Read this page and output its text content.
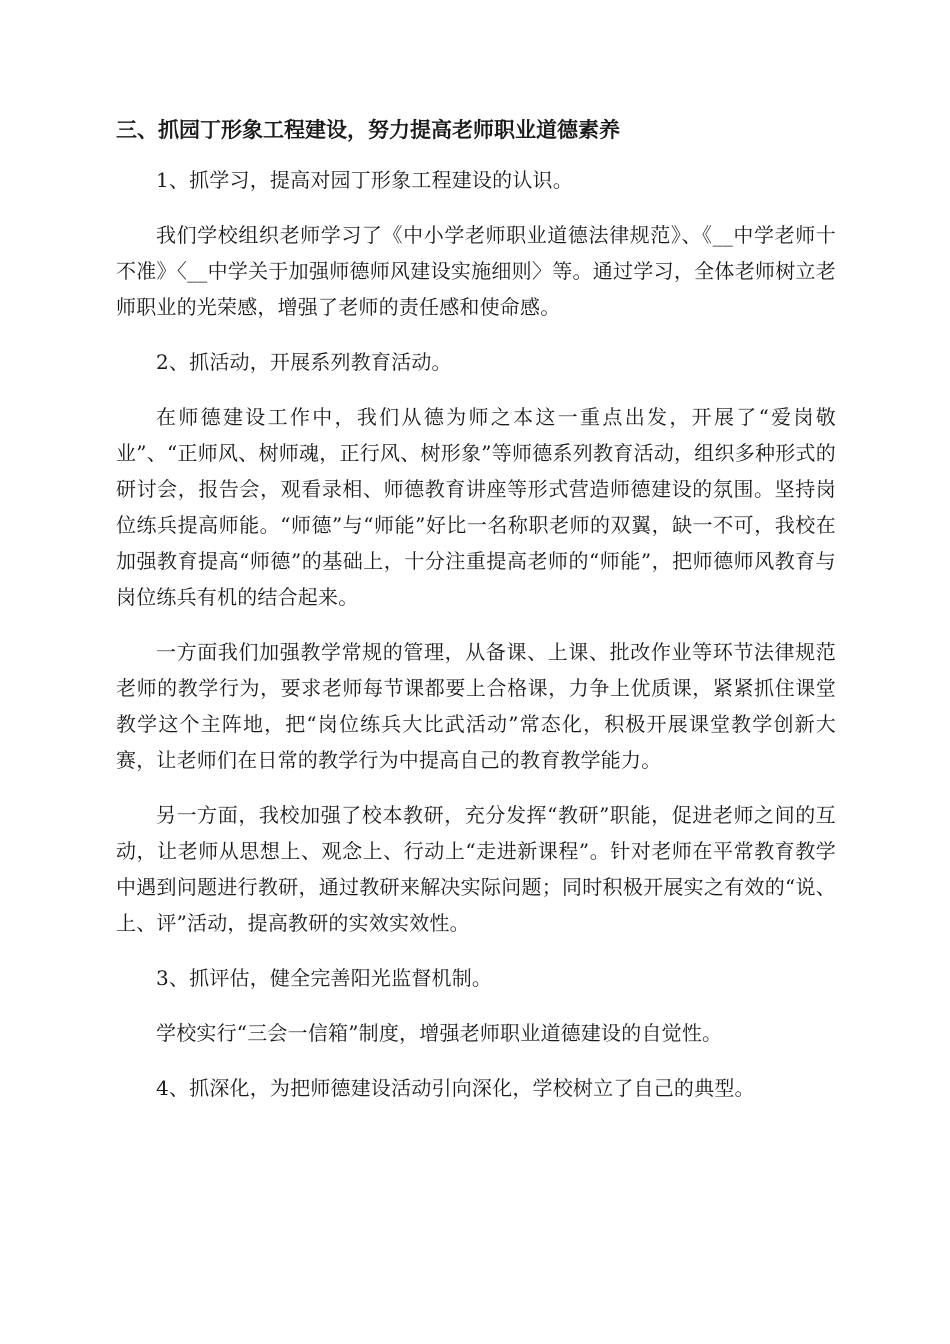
三、抓园丁形象工程建设，努力提高老师职业道德素养

1、抓学习，提高对园丁形象工程建设的认识。

我们学校组织老师学习了《中小学老师职业道德法律规范》、《__中学老师十不准》〈__中学关于加强师德师风建设实施细则〉等。通过学习，全体老师树立老师职业的光荣感，增强了老师的责任感和使命感。

2、抓活动，开展系列教育活动。

在师德建设工作中，我们从德为师之本这一重点出发，开展了“爱岗敬业”、“正师风、树师魂，正行风、树形象”等师德系列教育活动，组织多种形式的研讨会，报告会，观看录相、师德教育讲座等形式营造师德建设的氛围。坚持岗位练兵提高师能。“师德”与“师能”好比一名称职老师的双翼，缺一不可，我校在加强教育提高“师德”的基础上，十分注重提高老师的“师能”，把师德师风教育与岗位练兵有机的结合起来。

一方面我们加强教学常规的管理，从备课、上课、批改作业等环节法律规范老师的教学行为，要求老师每节课都要上合格课，力争上优质课，紧紧抓住课堂教学这个主阵地，把“岗位练兵大比武活动”常态化，积极开展课堂教学创新大赛，让老师们在日常的教学行为中提高自己的教育教学能力。

另一方面，我校加强了校本教研，充分发挥“教研”职能，促进老师之间的互动，让老师从思想上、观念上、行动上“走进新课程”。针对老师在平常教育教学中遇到问题进行教研，通过教研来解决实际问题；同时积极开展实之有效的“说、上、评”活动，提高教研的实效实效性。

3、抓评估，健全完善阳光监督机制。

学校实行“三会一信箱”制度，增强老师职业道德建设的自觉性。

4、抓深化，为把师德建设活动引向深化，学校树立了自己的典型。
